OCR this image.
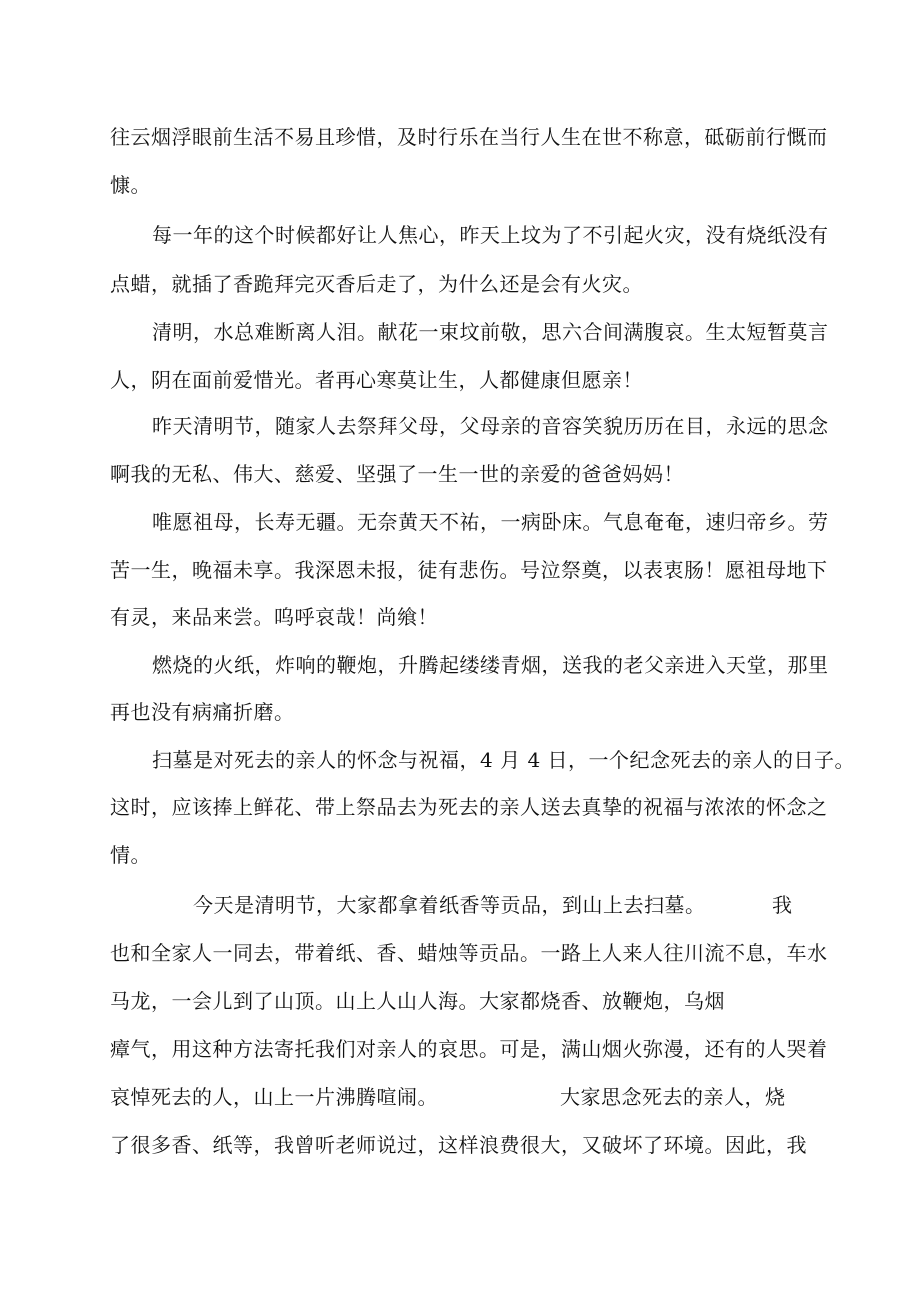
往云烟浮眼前生活不易且珍惜，及时行乐在当行人生在世不称意，砥砺前行慨而
慷。
每一年的这个时候都好让人焦心，昨天上坟为了不引起火灾，没有烧纸没有
点蜡，就插了香跪拜完灭香后走了，为什么还是会有火灾。
清明，水总难断离人泪。献花一束坟前敬，思六合间满腹哀。生太短暂莫言
人，阴在面前爱惜光。者再心寒莫让生，人都健康但愿亲！
昨天清明节，随家人去祭拜父母，父母亲的音容笑貌历历在目，永远的思念
啊我的无私、伟大、慈爱、坚强了一生一世的亲爱的爸爸妈妈！
唯愿祖母，长寿无疆。无奈黄天不祐，一病卧床。气息奄奄，速归帝乡。劳
苦一生，晚福未享。我深恩未报，徒有悲伤。号泣祭奠，以表衷肠！愿祖母地下
有灵，来品来尝。呜呼哀哉！尚飨！
燃烧的火纸，炸响的鞭炮，升腾起缕缕青烟，送我的老父亲进入天堂，那里
再也没有病痛折磨。
扫墓是对死去的亲人的怀念与祝福，4 月 4 日，一个纪念死去的亲人的日子。
这时，应该捧上鲜花、带上祭品去为死去的亲人送去真挚的祝福与浓浓的怀念之
情。
今天是清明节，大家都拿着纸香等贡品，到山上去扫墓。	我
也和全家人一同去，带着纸、香、蜡烛等贡品。一路上人来人往川流不息，车水
马龙，一会儿到了山顶。山上人山人海。大家都烧香、放鞭炮，乌烟
瘴气，用这种方法寄托我们对亲人的哀思。可是，满山烟火弥漫，还有的人哭着
哀悼死去的人，山上一片沸腾喧闹。	大家思念死去的亲人，烧
了很多香、纸等，我曾听老师说过，这样浪费很大，又破坏了环境。因此，我
